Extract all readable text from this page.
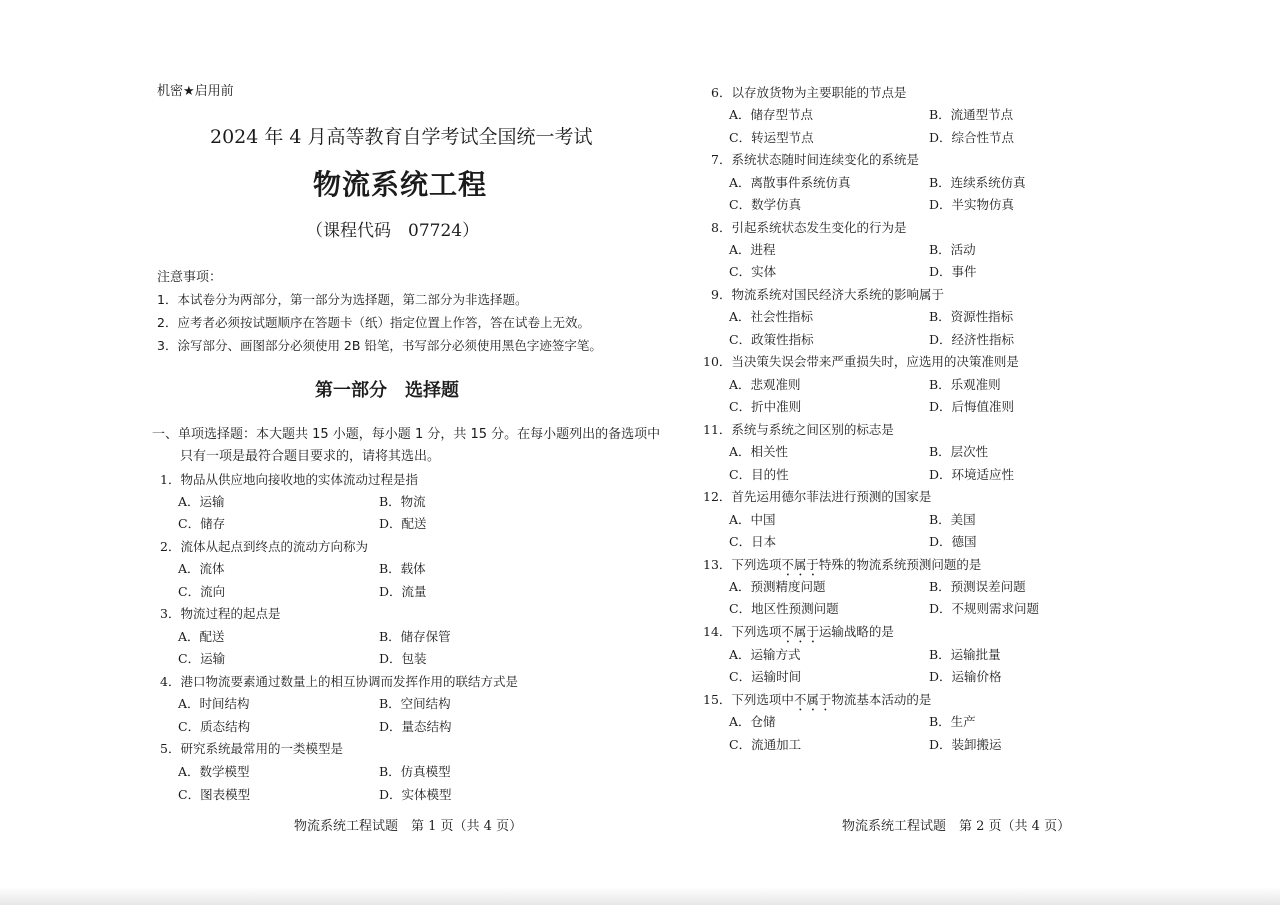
机密★启用前
2024 年 4 月高等教育自学考试全国统一考试
物流系统工程
（课程代码　07724）
注意事项：
1．本试卷分为两部分，第一部分为选择题，第二部分为非选择题。
2．应考者必须按试题顺序在答题卡（纸）指定位置上作答，答在试卷上无效。
3．涂写部分、画图部分必须使用 2B 铅笔，书写部分必须使用黑色字迹签字笔。
第一部分　选择题
一、单项选择题：本大题共 15 小题，每小题 1 分，共 15 分。在每小题列出的备选项中
只有一项是最符合题目要求的，请将其选出。
1．物品从供应地向接收地的实体流动过程是指
A．运输	B．物流
C．储存	D．配送
2．流体从起点到终点的流动方向称为
A．流体	B．载体
C．流向	D．流量
3．物流过程的起点是
A．配送	B．储存保管
C．运输	D．包装
4．港口物流要素通过数量上的相互协调而发挥作用的联结方式是
A．时间结构	B．空间结构
C．质态结构	D．量态结构
5．研究系统最常用的一类模型是
A．数学模型	B．仿真模型
C．图表模型	D．实体模型
物流系统工程试题　第 1 页（共 4 页）
6．以存放货物为主要职能的节点是
A．储存型节点	B．流通型节点
C．转运型节点	D．综合性节点
7．系统状态随时间连续变化的系统是
A．离散事件系统仿真	B．连续系统仿真
C．数学仿真	D．半实物仿真
8．引起系统状态发生变化的行为是
A．进程	B．活动
C．实体	D．事件
9．物流系统对国民经济大系统的影响属于
A．社会性指标	B．资源性指标
C．政策性指标	D．经济性指标
10．当决策失误会带来严重损失时，应选用的决策准则是
A．悲观准则	B．乐观准则
C．折中准则	D．后悔值准则
11．系统与系统之间区别的标志是
A．相关性	B．层次性
C．目的性	D．环境适应性
12．首先运用德尔菲法进行预测的国家是
A．中国	B．美国
C．日本	D．德国
13．下列选项不属于特殊的物流系统预测问题的是
A．预测精度问题	B．预测误差问题
C．地区性预测问题	D．不规则需求问题
14．下列选项不属于运输战略的是
A．运输方式	B．运输批量
C．运输时间	D．运输价格
15．下列选项中不属于物流基本活动的是
A．仓储	B．生产
C．流通加工	D．装卸搬运
物流系统工程试题　第 2 页（共 4 页）
